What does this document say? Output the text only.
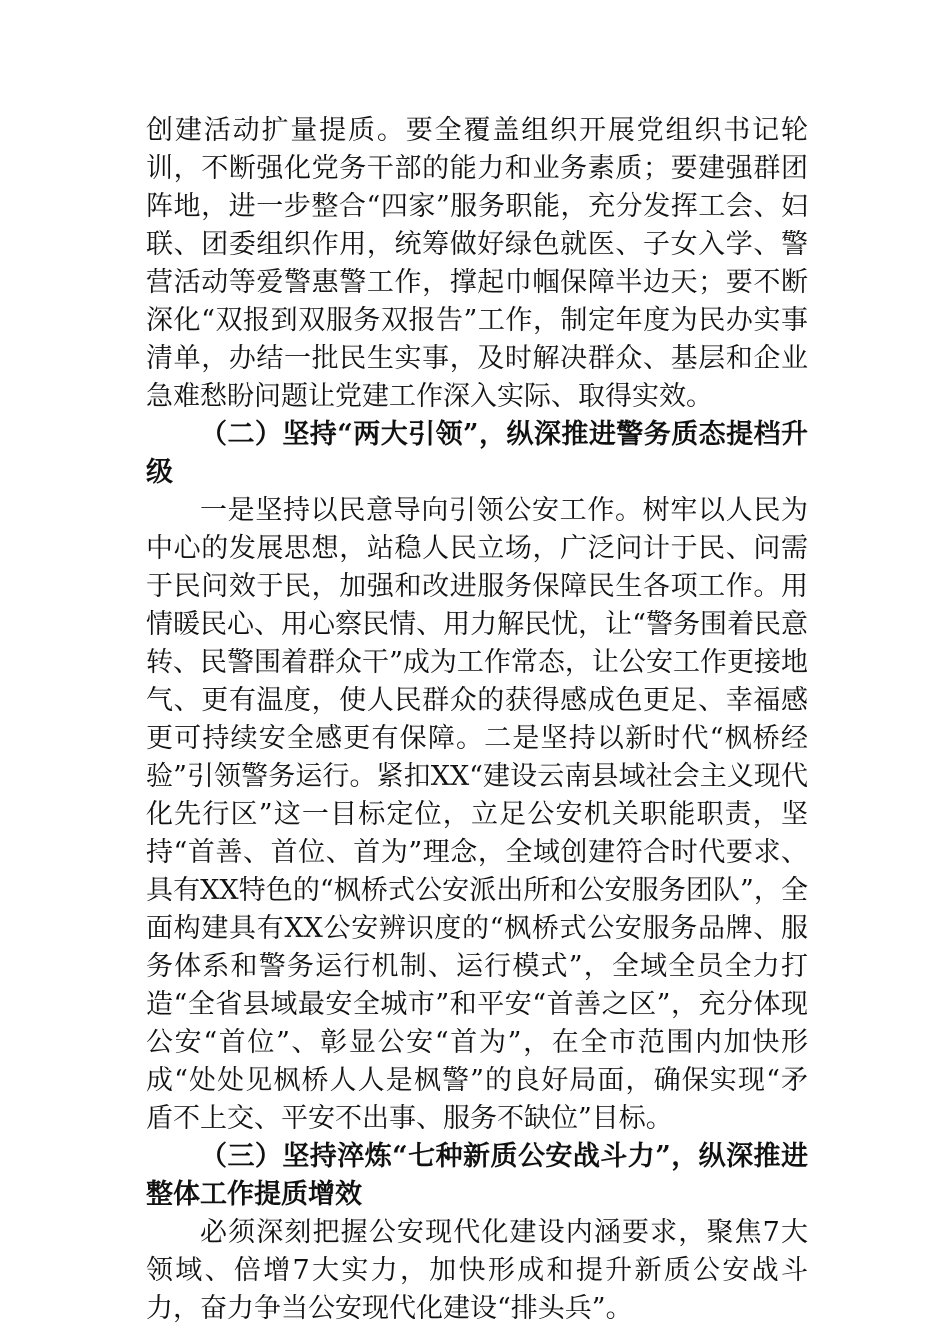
创建活动扩量提质。要全覆盖组织开展党组织书记轮训，不断强化党务干部的能力和业务素质；要建强群团阵地，进一步整合“四家”服务职能，充分发挥工会、妇联、团委组织作用，统筹做好绿色就医、子女入学、警营活动等爱警惠警工作，撑起巾帼保障半边天；要不断深化“双报到双服务双报告”工作，制定年度为民办实事清单，办结一批民生实事，及时解决群众、基层和企业急难愁盼问题让党建工作深入实际、取得实效。

（二）坚持“两大引领”，纵深推进警务质态提档升级

一是坚持以民意导向引领公安工作。树牢以人民为中心的发展思想，站稳人民立场，广泛问计于民、问需于民问效于民，加强和改进服务保障民生各项工作。用情暖民心、用心察民情、用力解民忧，让“警务围着民意转、民警围着群众干”成为工作常态，让公安工作更接地气、更有温度，使人民群众的获得感成色更足、幸福感更可持续安全感更有保障。二是坚持以新时代“枫桥经验”引领警务运行。紧扣XX“建设云南县域社会主义现代化先行区”这一目标定位，立足公安机关职能职责，坚持“首善、首位、首为”理念，全域创建符合时代要求、具有XX特色的“枫桥式公安派出所和公安服务团队”，全面构建具有XX公安辨识度的“枫桥式公安服务品牌、服务体系和警务运行机制、运行模式”，全域全员全力打造“全省县域最安全城市”和平安“首善之区”，充分体现公安“首位”、彰显公安“首为”，在全市范围内加快形成“处处见枫桥人人是枫警”的良好局面，确保实现“矛盾不上交、平安不出事、服务不缺位”目标。

（三）坚持淬炼“七种新质公安战斗力”，纵深推进整体工作提质增效

必须深刻把握公安现代化建设内涵要求，聚焦7大领域、倍增7大实力，加快形成和提升新质公安战斗力，奋力争当公安现代化建设“排头兵”。
